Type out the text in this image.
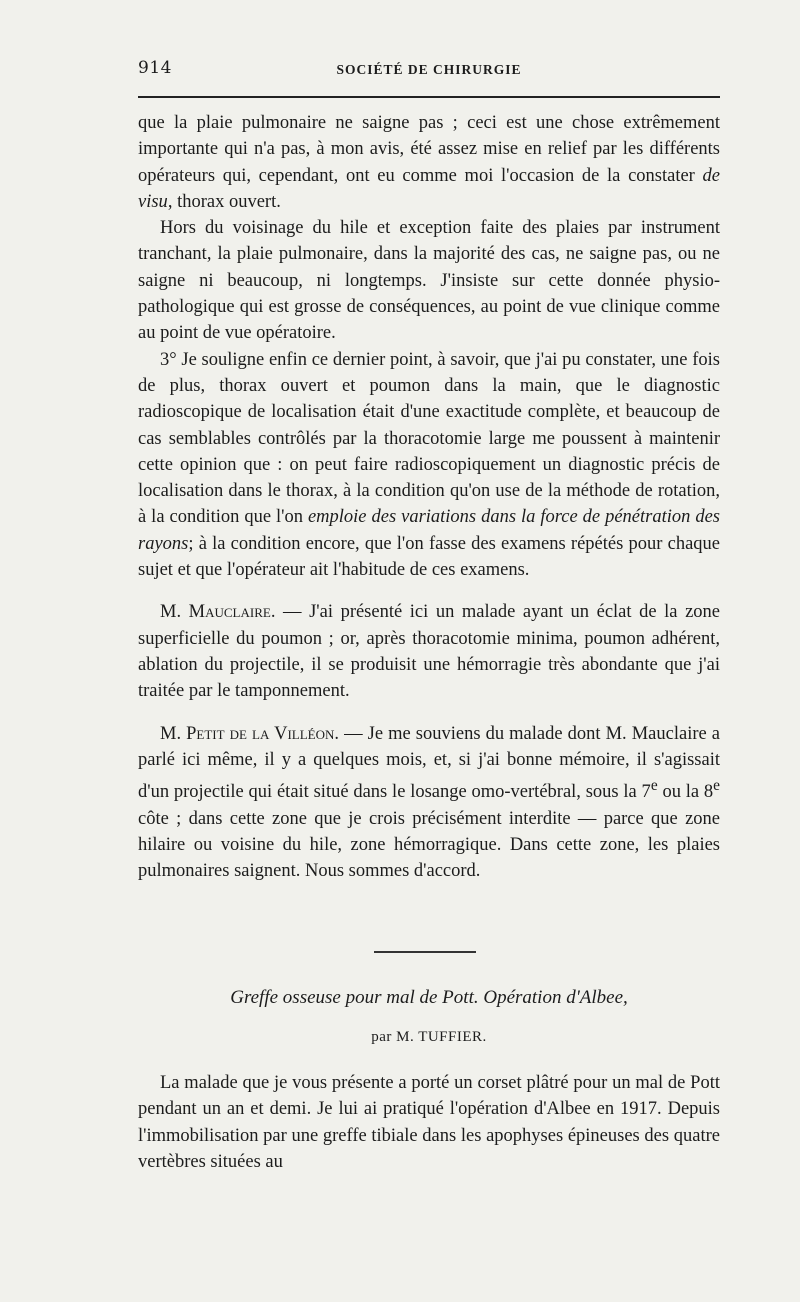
914	SOCIÉTÉ DE CHIRURGIE

que la plaie pulmonaire ne saigne pas ; ceci est une chose extrêmement importante qui n'a pas, à mon avis, été assez mise en relief par les différents opérateurs qui, cependant, ont eu comme moi l'occasion de la constater de visu, thorax ouvert.

Hors du voisinage du hile et exception faite des plaies par instrument tranchant, la plaie pulmonaire, dans la majorité des cas, ne saigne pas, ou ne saigne ni beaucoup, ni longtemps. J'insiste sur cette donnée physio-pathologique qui est grosse de conséquences, au point de vue clinique comme au point de vue opératoire.

3° Je souligne enfin ce dernier point, à savoir, que j'ai pu constater, une fois de plus, thorax ouvert et poumon dans la main, que le diagnostic radioscopique de localisation était d'une exactitude complète, et beaucoup de cas semblables contrôlés par la thoracotomie large me poussent à maintenir cette opinion que : on peut faire radioscopiquement un diagnostic précis de localisation dans le thorax, à la condition qu'on use de la méthode de rotation, à la condition que l'on emploie des variations dans la force de pénétration des rayons; à la condition encore, que l'on fasse des examens répétés pour chaque sujet et que l'opérateur ait l'habitude de ces examens.

M. Mauclaire. — J'ai présenté ici un malade ayant un éclat de la zone superficielle du poumon ; or, après thoracotomie minima, poumon adhérent, ablation du projectile, il se produisit une hémorragie très abondante que j'ai traitée par le tamponnement.

M. Petit de la Villéon. — Je me souviens du malade dont M. Mauclaire a parlé ici même, il y a quelques mois, et, si j'ai bonne mémoire, il s'agissait d'un projectile qui était situé dans le losange omo-vertébral, sous la 7e ou la 8e côte ; dans cette zone que je crois précisément interdite — parce que zone hilaire ou voisine du hile, zone hémorragique. Dans cette zone, les plaies pulmonaires saignent. Nous sommes d'accord.

Greffe osseuse pour mal de Pott. Opération d'Albee,
par M. TUFFIER.

La malade que je vous présente a porté un corset plâtré pour un mal de Pott pendant un an et demi. Je lui ai pratiqué l'opération d'Albee en 1917. Depuis l'immobilisation par une greffe tibiale dans les apophyses épineuses des quatre vertèbres situées au
